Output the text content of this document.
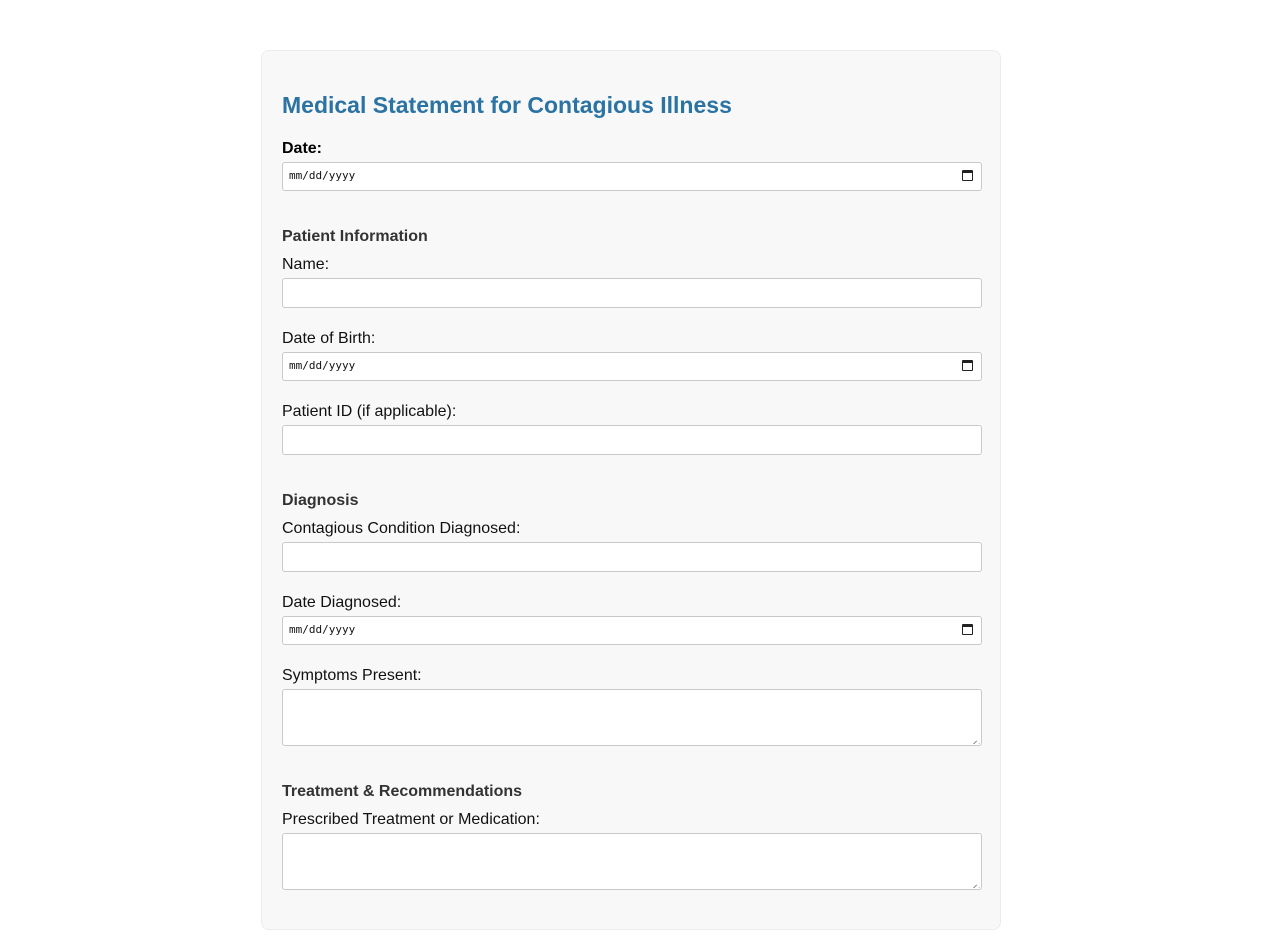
Medical Statement for Contagious Illness
Date:
mm/dd/yyyy
Patient Information
Name:
Date of Birth:
mm/dd/yyyy
Patient ID (if applicable):
Diagnosis
Contagious Condition Diagnosed:
Date Diagnosed:
mm/dd/yyyy
Symptoms Present:
Treatment & Recommendations
Prescribed Treatment or Medication:
